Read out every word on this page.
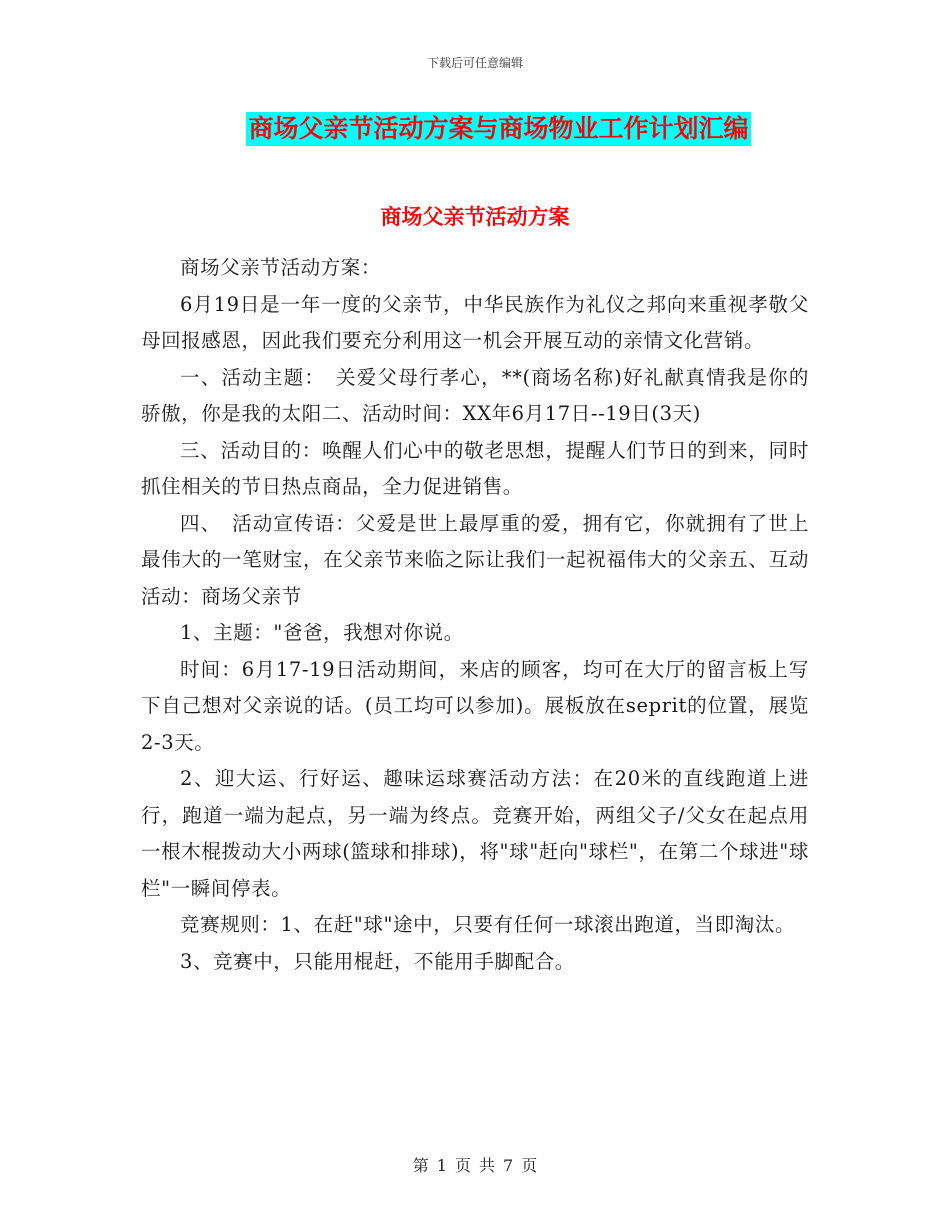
下载后可任意编辑
商场父亲节活动方案与商场物业工作计划汇编
商场父亲节活动方案

商场父亲节活动方案：

6月19日是一年一度的父亲节，中华民族作为礼仪之邦向来重视孝敬父母回报感恩，因此我们要充分利用这一机会开展互动的亲情文化营销。

一、活动主题：　关爱父母行孝心，**(商场名称)好礼献真情我是你的骄傲，你是我的太阳二、活动时间：XX年6月17日--19日(3天)

三、活动目的：唤醒人们心中的敬老思想，提醒人们节日的到来，同时抓住相关的节日热点商品，全力促进销售。

四、　活动宣传语：父爱是世上最厚重的爱，拥有它，你就拥有了世上最伟大的一笔财宝，在父亲节来临之际让我们一起祝福伟大的父亲五、互动活动：商场父亲节

1、主题："爸爸，我想对你说。

时间：6月17-19日活动期间，来店的顾客，均可在大厅的留言板上写下自己想对父亲说的话。(员工均可以参加)。展板放在seprit的位置，展览2-3天。

2、迎大运、行好运、趣味运球赛活动方法：在20米的直线跑道上进行，跑道一端为起点，另一端为终点。竞赛开始，两组父子/父女在起点用一根木棍拨动大小两球(篮球和排球)，将"球"赶向"球栏"，在第二个球进"球栏"一瞬间停表。

竞赛规则：1、在赶"球"途中，只要有任何一球滚出跑道，当即淘汰。

3、竞赛中，只能用棍赶，不能用手脚配合。

第 1 页 共 7 页
